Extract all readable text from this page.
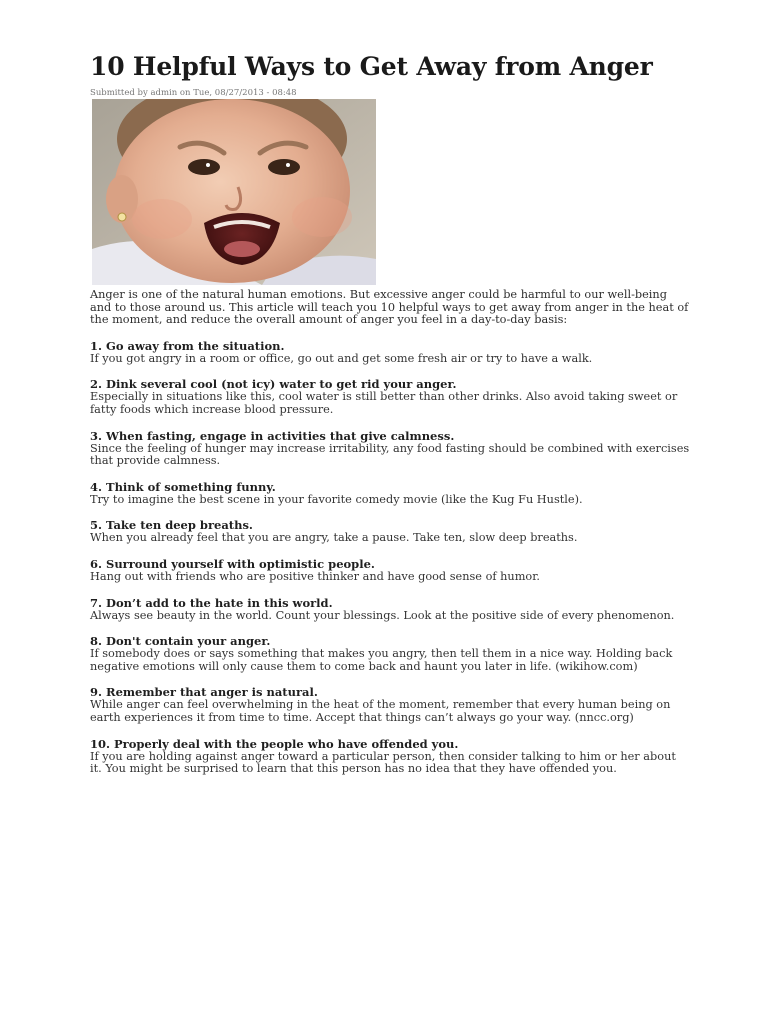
10 Helpful Ways to Get Away from Anger
Submitted by admin on Tue, 08/27/2013 - 08:48
Anger is one of the natural human emotions. But excessive anger could be harmful to our well-being and to those around us. This article will teach you 10 helpful ways to get away from anger in the heat of the moment, and reduce the overall amount of anger you feel in a day-to-day basis:
1. Go away from the situation.
If you got angry in a room or office, go out and get some fresh air or try to have a walk.
2. Dink several cool (not icy) water to get rid your anger.
Especially in situations like this, cool water is still better than other drinks. Also avoid taking sweet or fatty foods which increase blood pressure.
3. When fasting, engage in activities that give calmness.
Since the feeling of hunger may increase irritability, any food fasting should be combined with exercises that provide calmness.
4. Think of something funny.
Try to imagine the best scene in your favorite comedy movie (like the Kug Fu Hustle).
5. Take ten deep breaths.
When you already feel that you are angry, take a pause. Take ten, slow deep breaths.
6. Surround yourself with optimistic people.
Hang out with friends who are positive thinker and have good sense of humor.
7. Don’t add to the hate in this world.
Always see beauty in the world. Count your blessings. Look at the positive side of every phenomenon.
8. Don't contain your anger.
If somebody does or says something that makes you angry, then tell them in a nice way. Holding back negative emotions will only cause them to come back and haunt you later in life. (wikihow.com)
9. Remember that anger is natural.
While anger can feel overwhelming in the heat of the moment, remember that every human being on earth experiences it from time to time. Accept that things can’t always go your way. (nncc.org)
10. Properly deal with the people who have offended you.
If you are holding against anger toward a particular person, then consider talking to him or her about it. You might be surprised to learn that this person has no idea that they have offended you.
